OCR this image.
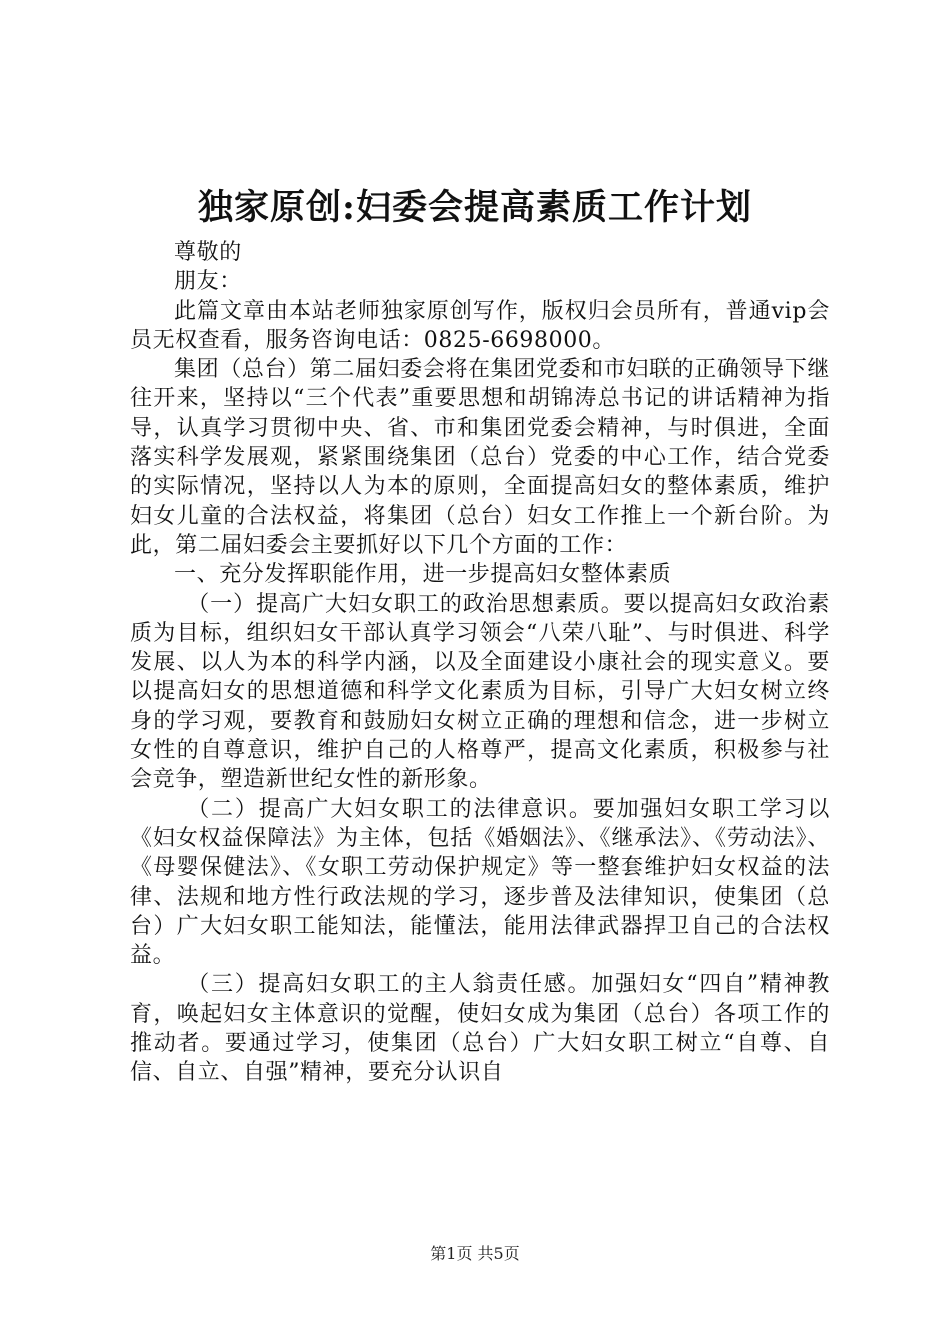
独家原创:妇委会提高素质工作计划

尊敬的

朋友：

此篇文章由本站老师独家原创写作，版权归会员所有，普通vip会员无权查看，服务咨询电话：0825-6698000。

集团（总台）第二届妇委会将在集团党委和市妇联的正确领导下继往开来，坚持以“三个代表”重要思想和胡锦涛总书记的讲话精神为指导，认真学习贯彻中央、省、市和集团党委会精神，与时俱进，全面落实科学发展观，紧紧围绕集团（总台）党委的中心工作，结合党委的实际情况，坚持以人为本的原则，全面提高妇女的整体素质，维护妇女儿童的合法权益，将集团（总台）妇女工作推上一个新台阶。为此，第二届妇委会主要抓好以下几个方面的工作：

一、充分发挥职能作用，进一步提高妇女整体素质

（一）提高广大妇女职工的政治思想素质。要以提高妇女政治素质为目标，组织妇女干部认真学习领会“八荣八耻”、与时俱进、科学发展、以人为本的科学内涵，以及全面建设小康社会的现实意义。要以提高妇女的思想道德和科学文化素质为目标，引导广大妇女树立终身的学习观，要教育和鼓励妇女树立正确的理想和信念，进一步树立女性的自尊意识，维护自己的人格尊严，提高文化素质，积极参与社会竞争，塑造新世纪女性的新形象。

（二）提高广大妇女职工的法律意识。要加强妇女职工学习以《妇女权益保障法》为主体，包括《婚姻法》、《继承法》、《劳动法》、《母婴保健法》、《女职工劳动保护规定》等一整套维护妇女权益的法律、法规和地方性行政法规的学习，逐步普及法律知识，使集团（总台）广大妇女职工能知法，能懂法，能用法律武器捍卫自己的合法权益。

（三）提高妇女职工的主人翁责任感。加强妇女“四自”精神教育，唤起妇女主体意识的觉醒，使妇女成为集团（总台）各项工作的推动者。要通过学习，使集团（总台）广大妇女职工树立“自尊、自信、自立、自强”精神，要充分认识自

第1页 共5页
